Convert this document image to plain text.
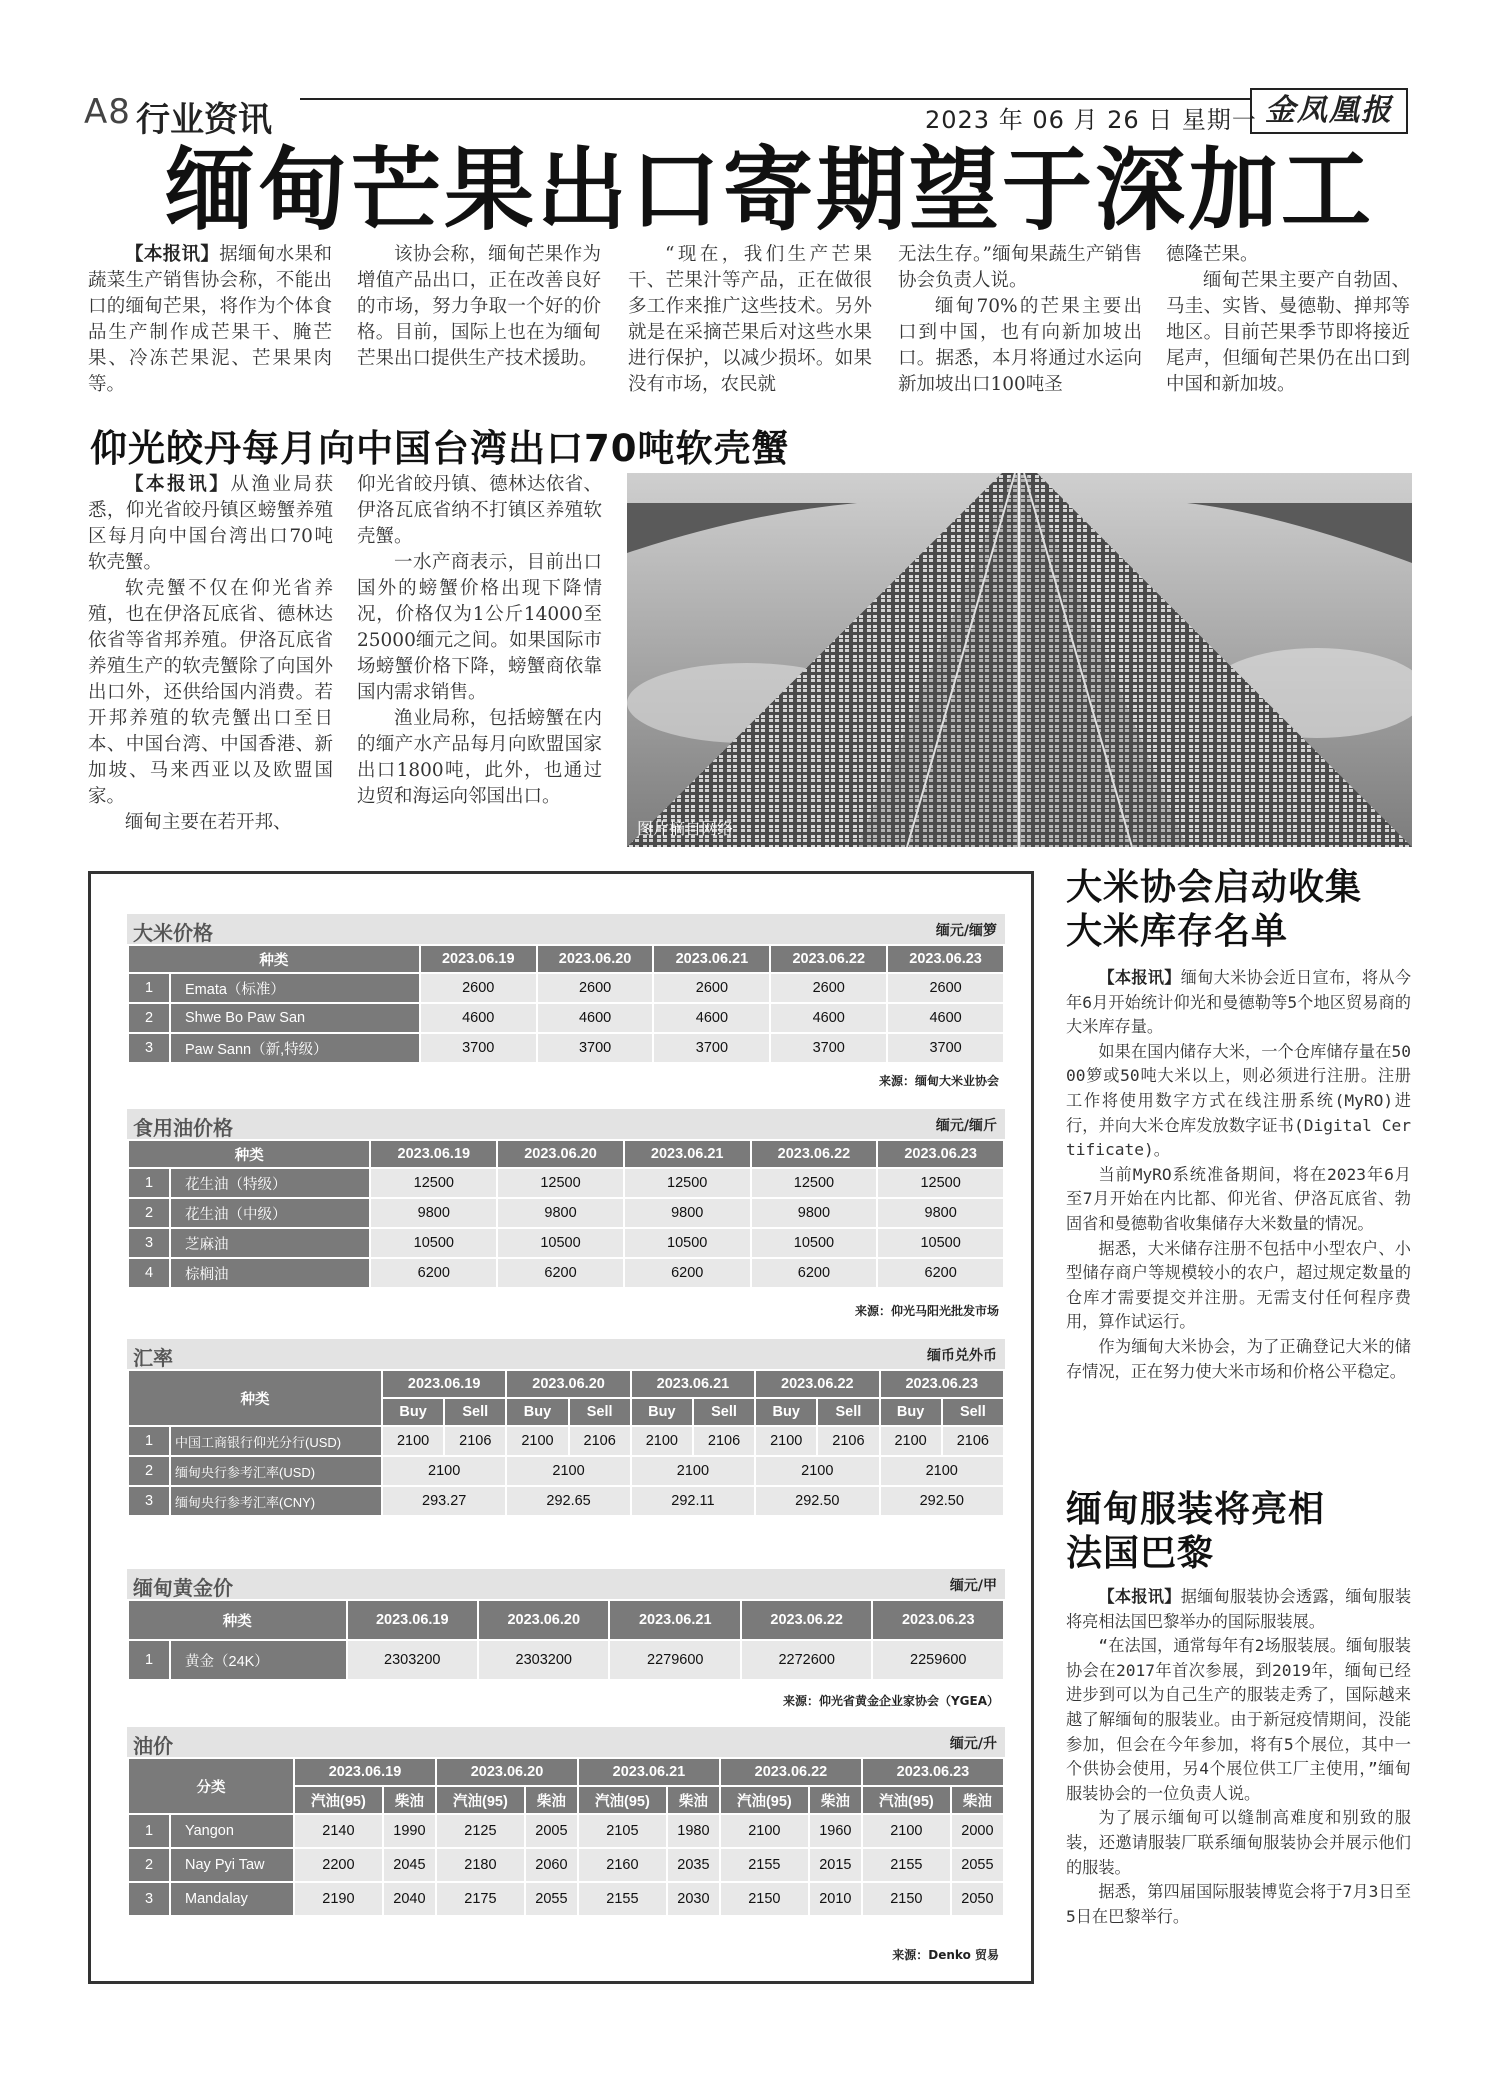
A8 行业资讯	2023 年 06 月 26 日 星期一 金凤凰报
缅甸芒果出口寄期望于深加工

【本报讯】据缅甸水果和蔬菜生产销售协会称，不能出口的缅甸芒果，将作为个体食品生产制作成芒果干、腌芒果、冷冻芒果泥、芒果果肉等。

该协会称，缅甸芒果作为增值产品出口，正在改善良好的市场，努力争取一个好的价格。目前，国际上也在为缅甸芒果出口提供生产技术援助。

“现在，我们生产芒果干、芒果汁等产品，正在做很多工作来推广这些技术。另外就是在采摘芒果后对这些水果进行保护，以减少损坏。如果没有市场，农民就

无法生存。”缅甸果蔬生产销售协会负责人说。

缅甸70%的芒果主要出口到中国，也有向新加坡出口。据悉，本月将通过水运向新加坡出口100吨圣

德隆芒果。

缅甸芒果主要产自勃固、马圭、实皆、曼德勒、掸邦等地区。目前芒果季节即将接近尾声，但缅甸芒果仍在出口到中国和新加坡。

仰光皎丹每月向中国台湾出口70吨软壳蟹

【本报讯】从渔业局获悉，仰光省皎丹镇区螃蟹养殖区每月向中国台湾出口70吨软壳蟹。

软壳蟹不仅在仰光省养殖，也在伊洛瓦底省、德林达依省等省邦养殖。伊洛瓦底省养殖生产的软壳蟹除了向国外出口外，还供给国内消费。若开邦养殖的软壳蟹出口至日本、中国台湾、中国香港、新加坡、马来西亚以及欧盟国家。

缅甸主要在若开邦、

仰光省皎丹镇、德林达依省、伊洛瓦底省纳不打镇区养殖软壳蟹。

一水产商表示，目前出口国外的螃蟹价格出现下降情况，价格仅为1公斤14000至25000缅元之间。如果国际市场螃蟹价格下降，螃蟹商依靠国内需求销售。

渔业局称，包括螃蟹在内的缅产水产品每月向欧盟国家出口1800吨，此外，也通过边贸和海运向邻国出口。

图片摘自网络
大米价格	缅元/缅箩
种类		2023.06.19	2023.06.20	2023.06.21	2023.06.22	2023.06.23
1	Emata（标准）	2600	2600	2600	2600	2600
2	Shwe Bo Paw San	4600	4600	4600	4600	4600
3	Paw Sann（新,特级）	3700	3700	3700	3700	3700
来源：缅甸大米业协会
食用油价格	缅元/缅斤
种类		2023.06.19	2023.06.20	2023.06.21	2023.06.22	2023.06.23
1	花生油（特级）	12500	12500	12500	12500	12500
2	花生油（中级）	9800	9800	9800	9800	9800
3	芝麻油	10500	10500	10500	10500	10500
4	棕榈油	6200	6200	6200	6200	6200
来源：仰光马阳光批发市场
汇率	缅币兑外币
种类		2023.06.19		2023.06.20		2023.06.21		2023.06.22		2023.06.23	
		Buy	Sell	Buy	Sell	Buy	Sell	Buy	Sell	Buy	Sell
1	中国工商银行仰光分行(USD)	2100	2106	2100	2106	2100	2106	2100	2106	2100	2106
2	缅甸央行参考汇率(USD)	2100		2100		2100		2100		2100	
3	缅甸央行参考汇率(CNY)	293.27		292.65		292.11		292.50		292.50	
缅甸黄金价	缅元/甲
种类		2023.06.19	2023.06.20	2023.06.21	2023.06.22	2023.06.23
1	黄金（24K）	2303200	2303200	2279600	2272600	2259600
来源：仰光省黄金企业家协会（YGEA）
油价	缅元/升
分类		2023.06.19		2023.06.20		2023.06.21		2023.06.22		2023.06.23	
		汽油(95)	柴油	汽油(95)	柴油	汽油(95)	柴油	汽油(95)	柴油	汽油(95)	柴油
1	Yangon	2140	1990	2125	2005	2105	1980	2100	1960	2100	2000
2	Nay Pyi Taw	2200	2045	2180	2060	2160	2035	2155	2015	2155	2055
3	Mandalay	2190	2040	2175	2055	2155	2030	2150	2010	2150	2050
来源：Denko 贸易
大米协会启动收集
大米库存名单

【本报讯】缅甸大米协会近日宣布，将从今年6月开始统计仰光和曼德勒等5个地区贸易商的大米库存量。

如果在国内储存大米，一个仓库储存量在5000箩或50吨大米以上，则必须进行注册。注册工作将使用数字方式在线注册系统(MyRO)进行，并向大米仓库发放数字证书(Digital Certificate)。

当前MyRO系统准备期间，将在2023年6月至7月开始在内比都、仰光省、伊洛瓦底省、勃固省和曼德勒省收集储存大米数量的情况。

据悉，大米储存注册不包括中小型农户、小型储存商户等规模较小的农户，超过规定数量的仓库才需要提交并注册。无需支付任何程序费用，算作试运行。

作为缅甸大米协会，为了正确登记大米的储存情况，正在努力使大米市场和价格公平稳定。

缅甸服装将亮相
法国巴黎

【本报讯】据缅甸服装协会透露，缅甸服装将亮相法国巴黎举办的国际服装展。

“在法国，通常每年有2场服装展。缅甸服装协会在2017年首次参展，到2019年，缅甸已经进步到可以为自己生产的服装走秀了，国际越来越了解缅甸的服装业。由于新冠疫情期间，没能参加，但会在今年参加，将有5个展位，其中一个供协会使用，另4个展位供工厂主使用，”缅甸服装协会的一位负责人说。

为了展示缅甸可以缝制高难度和别致的服装，还邀请服装厂联系缅甸服装协会并展示他们的服装。

据悉，第四届国际服装博览会将于7月3日至5日在巴黎举行。
